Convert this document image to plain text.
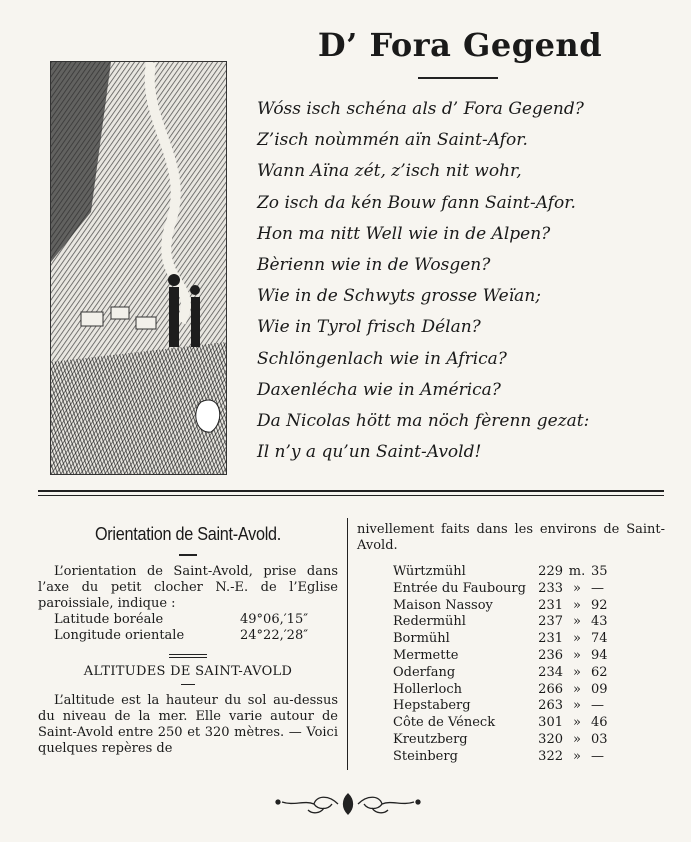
D’ Fora Gegend
Wóss isch schéna als d’ Fora Gegend?
Z’isch noùmmén aïn Saint-Afor.
Wann Aïna zét, z’isch nit wohr,
Zo isch da kén Bouw fann Saint-Afor.
Hon ma nitt Well wie in de Alpen?
Bèrienn wie in de Wosgen?
Wie in de Schwyts grosse Weïan;
Wie in Tyrol frisch Délan?
Schlöngenlach wie in Africa?
Daxenlécha wie in América?
Da Nicolas hött ma nöch fèrenn gezat:
Il n’y a qu’un Saint-Avold!
Orientation de Saint-Avold.
L’orientation de Saint-Avold, prise dans l’axe du petit clocher N.-E. de l’Eglise paroissiale, indique :
Latitude boréale	49°06,′15″
Longitude orientale	24°22,′28″
ALTITUDES DE SAINT-AVOLD
L’altitude est la hauteur du sol au-dessus du niveau de la mer. Elle varie autour de Saint-Avold entre 250 et 320 mètres. — Voici quelques repères de
nivellement faits dans les environs de Saint-Avold.
Würtzmühl	229 m. 35
Entrée du Faubourg 233 » —
Maison Nassoy	231 » 92
Redermühl	237 » 43
Bormühl	231 » 74
Mermette	236 » 94
Oderfang	234 » 62
Hollerloch	266 » 09
Hepstaberg	263 » —
Côte de Véneck	301 » 46
Kreutzberg	320 » 03
Steinberg	322 » —
